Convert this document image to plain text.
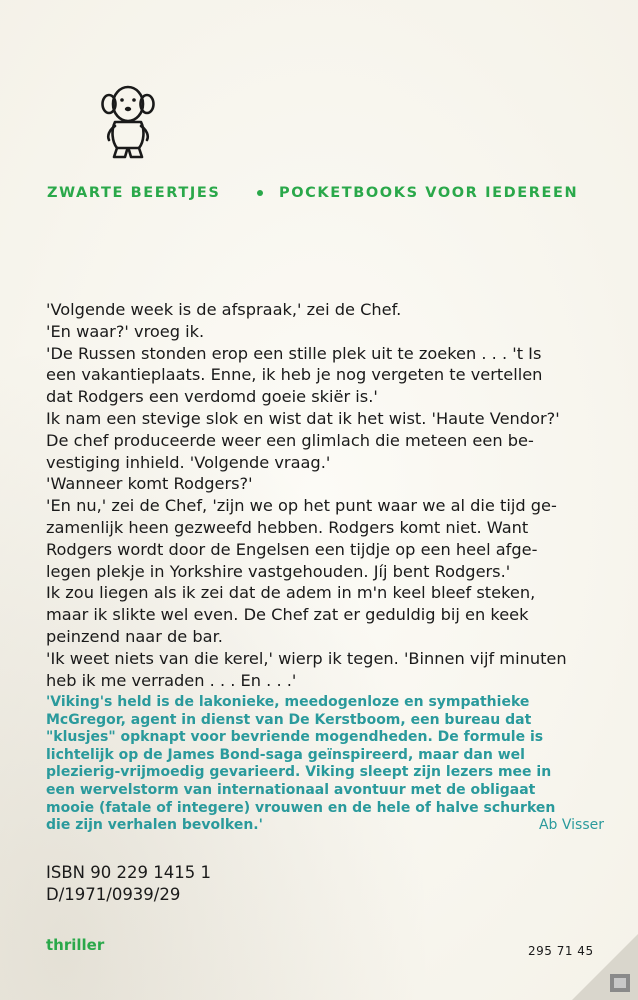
ZWARTE BEERTJES	POCKETBOOKS VOOR IEDEREEN
'Volgende week is de afspraak,' zei de Chef.
'En waar?' vroeg ik.
'De Russen stonden erop een stille plek uit te zoeken . . . 't Is
een vakantieplaats. Enne, ik heb je nog vergeten te vertellen
dat Rodgers een verdomd goeie skiër is.'
Ik nam een stevige slok en wist dat ik het wist. 'Haute Vendor?'
De chef produceerde weer een glimlach die meteen een be-
vestiging inhield. 'Volgende vraag.'
'Wanneer komt Rodgers?'
'En nu,' zei de Chef, 'zijn we op het punt waar we al die tijd ge-
zamenlijk heen gezweefd hebben. Rodgers komt niet. Want
Rodgers wordt door de Engelsen een tijdje op een heel afge-
legen plekje in Yorkshire vastgehouden. Jíj bent Rodgers.'
Ik zou liegen als ik zei dat de adem in m'n keel bleef steken,
maar ik slikte wel even. De Chef zat er geduldig bij en keek
peinzend naar de bar.
'Ik weet niets van die kerel,' wierp ik tegen. 'Binnen vijf minuten
heb ik me verraden . . . En . . .'
'Viking's held is de lakonieke, meedogenloze en sympathieke
McGregor, agent in dienst van De Kerstboom, een bureau dat
"klusjes" opknapt voor bevriende mogendheden. De formule is
lichtelijk op de James Bond-saga geïnspireerd, maar dan wel
plezierig-vrijmoedig gevarieerd. Viking sleept zijn lezers mee in
een wervelstorm van internationaal avontuur met de obligaat
mooie (fatale of integere) vrouwen en de hele of halve schurken
die zijn verhalen bevolken.'	Ab Visser
ISBN 90 229 1415 1
D/1971/0939/29
thriller	295 71 45
